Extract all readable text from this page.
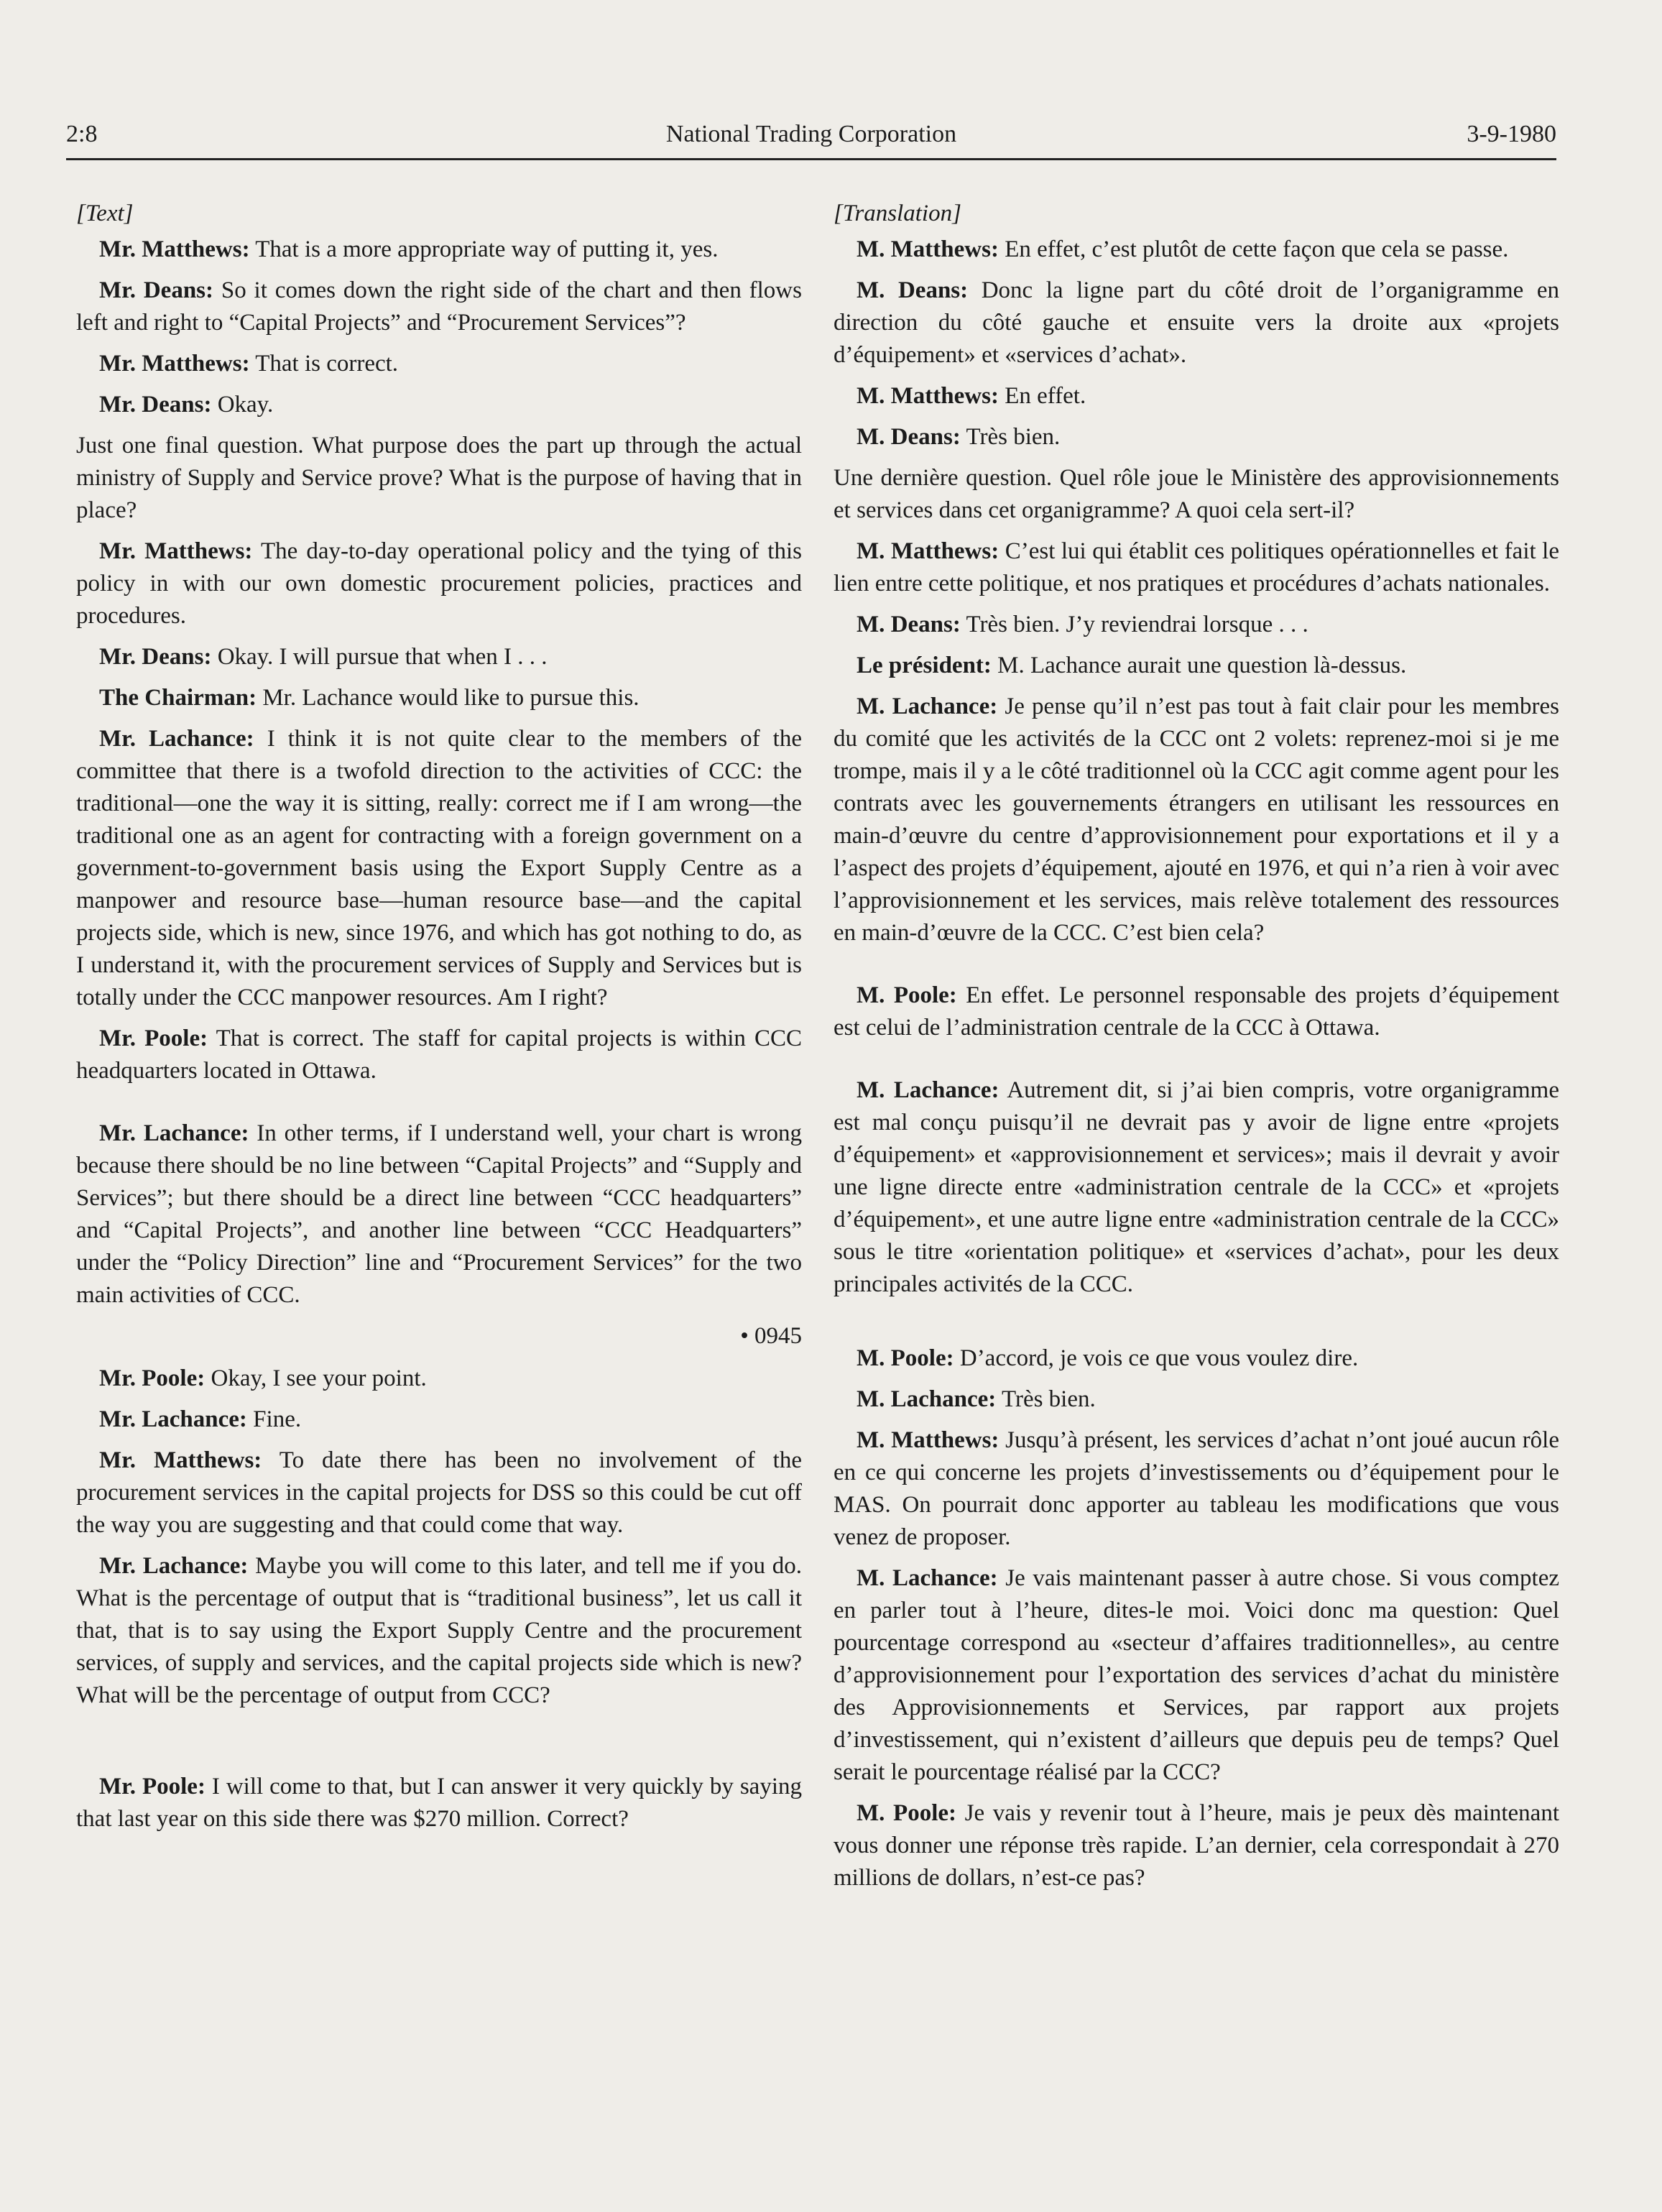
2:8	National Trading Corporation	3-9-1980
[Text]

Mr. Matthews: That is a more appropriate way of putting it, yes.

Mr. Deans: So it comes down the right side of the chart and then flows left and right to “Capital Projects” and “Procurement Services”?

Mr. Matthews: That is correct.

Mr. Deans: Okay.

Just one final question. What purpose does the part up through the actual ministry of Supply and Service prove? What is the purpose of having that in place?

Mr. Matthews: The day-to-day operational policy and the tying of this policy in with our own domestic procurement policies, practices and procedures.

Mr. Deans: Okay. I will pursue that when I . . .

The Chairman: Mr. Lachance would like to pursue this.

Mr. Lachance: I think it is not quite clear to the members of the committee that there is a twofold direction to the activities of CCC: the traditional—one the way it is sitting, really: correct me if I am wrong—the traditional one as an agent for contracting with a foreign government on a government-to-government basis using the Export Supply Centre as a manpower and resource base—human resource base—and the capital projects side, which is new, since 1976, and which has got nothing to do, as I understand it, with the procurement services of Supply and Services but is totally under the CCC manpower resources. Am I right?

Mr. Poole: That is correct. The staff for capital projects is within CCC headquarters located in Ottawa.

Mr. Lachance: In other terms, if I understand well, your chart is wrong because there should be no line between “Capital Projects” and “Supply and Services”; but there should be a direct line between “CCC headquarters” and “Capital Projects”, and another line between “CCC Headquarters” under the “Policy Direction” line and “Procurement Services” for the two main activities of CCC.

• 0945

Mr. Poole: Okay, I see your point.

Mr. Lachance: Fine.

Mr. Matthews: To date there has been no involvement of the procurement services in the capital projects for DSS so this could be cut off the way you are suggesting and that could come that way.

Mr. Lachance: Maybe you will come to this later, and tell me if you do. What is the percentage of output that is “traditional business”, let us call it that, that is to say using the Export Supply Centre and the procurement services, of supply and services, and the capital projects side which is new? What will be the percentage of output from CCC?

Mr. Poole: I will come to that, but I can answer it very quickly by saying that last year on this side there was $270 million. Correct?

[Translation]

M. Matthews: En effet, c’est plutôt de cette façon que cela se passe.

M. Deans: Donc la ligne part du côté droit de l’organigramme en direction du côté gauche et ensuite vers la droite aux «projets d’équipement» et «services d’achat».

M. Matthews: En effet.

M. Deans: Très bien.

Une dernière question. Quel rôle joue le Ministère des approvisionnements et services dans cet organigramme? A quoi cela sert-il?

M. Matthews: C’est lui qui établit ces politiques opérationnelles et fait le lien entre cette politique, et nos pratiques et procédures d’achats nationales.

M. Deans: Très bien. J’y reviendrai lorsque . . .

Le président: M. Lachance aurait une question là-dessus.

M. Lachance: Je pense qu’il n’est pas tout à fait clair pour les membres du comité que les activités de la CCC ont 2 volets: reprenez-moi si je me trompe, mais il y a le côté traditionnel où la CCC agit comme agent pour les contrats avec les gouvernements étrangers en utilisant les ressources en main-d’œuvre du centre d’approvisionnement pour exportations et il y a l’aspect des projets d’équipement, ajouté en 1976, et qui n’a rien à voir avec l’approvisionnement et les services, mais relève totalement des ressources en main-d’œuvre de la CCC. C’est bien cela?

M. Poole: En effet. Le personnel responsable des projets d’équipement est celui de l’administration centrale de la CCC à Ottawa.

M. Lachance: Autrement dit, si j’ai bien compris, votre organigramme est mal conçu puisqu’il ne devrait pas y avoir de ligne entre «projets d’équipement» et «approvisionnement et services»; mais il devrait y avoir une ligne directe entre «administration centrale de la CCC» et «projets d’équipement», et une autre ligne entre «administration centrale de la CCC» sous le titre «orientation politique» et «services d’achat», pour les deux principales activités de la CCC.

M. Poole: D’accord, je vois ce que vous voulez dire.

M. Lachance: Très bien.

M. Matthews: Jusqu’à présent, les services d’achat n’ont joué aucun rôle en ce qui concerne les projets d’investissements ou d’équipement pour le MAS. On pourrait donc apporter au tableau les modifications que vous venez de proposer.

M. Lachance: Je vais maintenant passer à autre chose. Si vous comptez en parler tout à l’heure, dites-le moi. Voici donc ma question: Quel pourcentage correspond au «secteur d’affaires traditionnelles», au centre d’approvisionnement pour l’exportation des services d’achat du ministère des Approvisionnements et Services, par rapport aux projets d’investissement, qui n’existent d’ailleurs que depuis peu de temps? Quel serait le pourcentage réalisé par la CCC?

M. Poole: Je vais y revenir tout à l’heure, mais je peux dès maintenant vous donner une réponse très rapide. L’an dernier, cela correspondait à 270 millions de dollars, n’est-ce pas?
